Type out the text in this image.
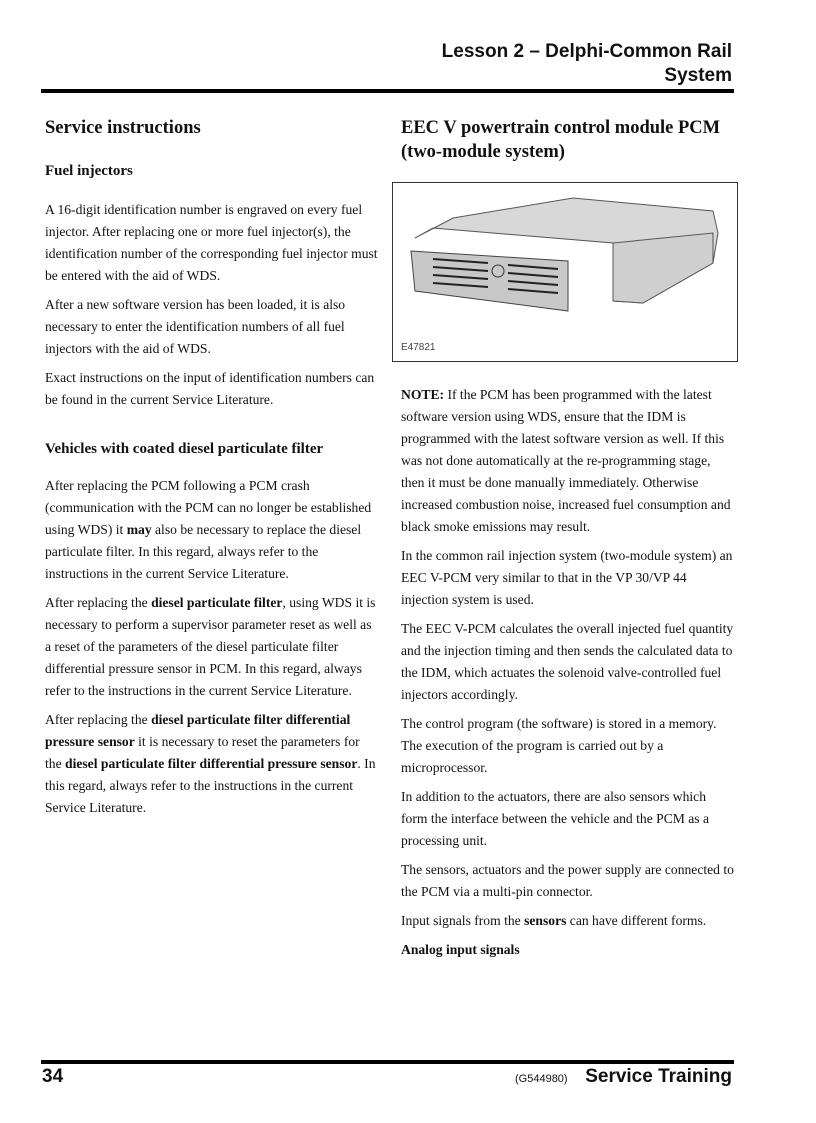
Lesson 2 – Delphi-Common Rail
System
Service instructions
Fuel injectors

A 16-digit identification number is engraved on every fuel injector. After replacing one or more fuel injector(s), the identification number of the corresponding fuel injector must be entered with the aid of WDS.

After a new software version has been loaded, it is also necessary to enter the identification numbers of all fuel injectors with the aid of WDS.

Exact instructions on the input of identification numbers can be found in the current Service Literature.

Vehicles with coated diesel particulate filter

After replacing the PCM following a PCM crash (communication with the PCM can no longer be established using WDS) it may also be necessary to replace the diesel particulate filter. In this regard, always refer to the instructions in the current Service Literature.

After replacing the diesel particulate filter, using WDS it is necessary to perform a supervisor parameter reset as well as a reset of the parameters of the diesel particulate filter differential pressure sensor in PCM. In this regard, always refer to the instructions in the current Service Literature.

After replacing the diesel particulate filter differential pressure sensor it is necessary to reset the parameters for the diesel particulate filter differential pressure sensor. In this regard, always refer to the instructions in the current Service Literature.

EEC V powertrain control module PCM (two-module system)

NOTE: If the PCM has been programmed with the latest software version using WDS, ensure that the IDM is programmed with the latest software version as well. If this was not done automatically at the re-programming stage, then it must be done manually immediately. Otherwise increased combustion noise, increased fuel consumption and black smoke emissions may result.

In the common rail injection system (two-module system) an EEC V-PCM very similar to that in the VP 30/VP 44 injection system is used.

The EEC V-PCM calculates the overall injected fuel quantity and the injection timing and then sends the calculated data to the IDM, which actuates the solenoid valve-controlled fuel injectors accordingly.

The control program (the software) is stored in a memory. The execution of the program is carried out by a microprocessor.

In addition to the actuators, there are also sensors which form the interface between the vehicle and the PCM as a processing unit.

The sensors, actuators and the power supply are connected to the PCM via a multi-pin connector.

Input signals from the sensors can have different forms.

Analog input signals

E47821
34	(G544980) Service Training
